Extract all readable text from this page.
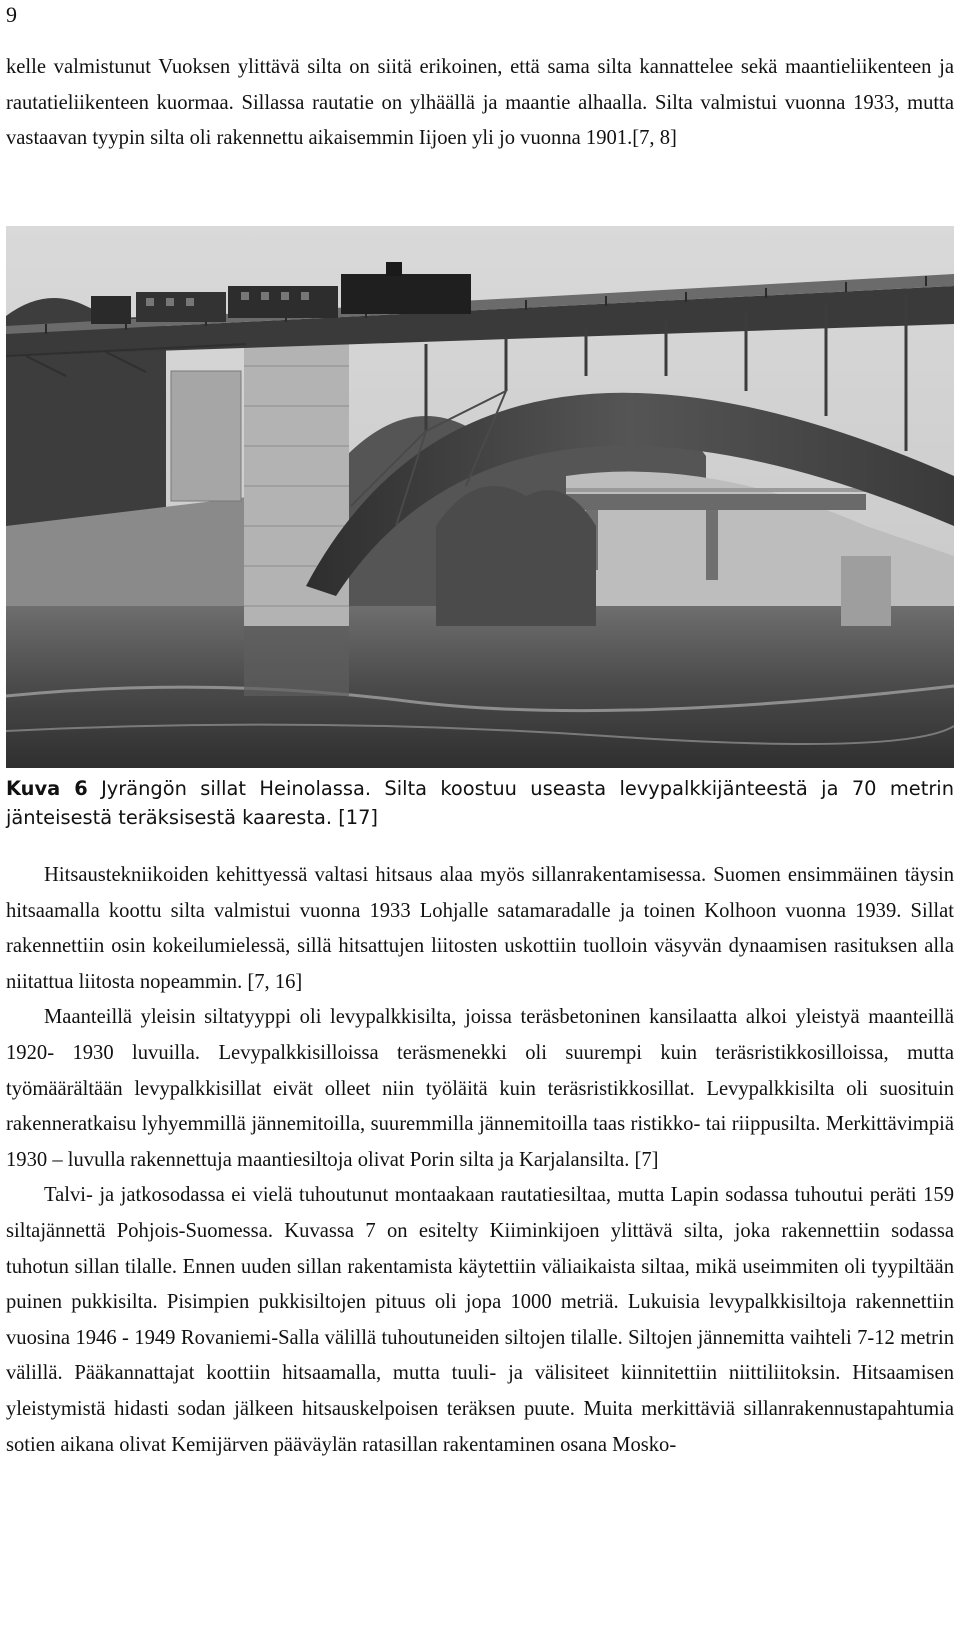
9

kelle valmistunut Vuoksen ylittävä silta on siitä erikoinen, että sama silta kannattelee sekä maantieliikenteen ja rautatieliikenteen kuormaa. Sillassa rautatie on ylhäällä ja maantie alhaalla. Silta valmistui vuonna 1933, mutta vastaavan tyypin silta oli rakennettu aikaisemmin Iijoen yli jo vuonna 1901.[7, 8]

Kuva 6 Jyrängön sillat Heinolassa. Silta koostuu useasta levypalkkijänteestä ja 70 metrin jänteisestä teräksisestä kaaresta. [17]

Hitsaustekniikoiden kehittyessä valtasi hitsaus alaa myös sillanrakentamisessa. Suomen ensimmäinen täysin hitsaamalla koottu silta valmistui vuonna 1933 Lohjalle satamaradalle ja toinen Kolhoon vuonna 1939. Sillat rakennettiin osin kokeilumielessä, sillä hitsattujen liitosten uskottiin tuolloin väsyvän dynaamisen rasituksen alla niitattua liitosta nopeammin. [7, 16]

Maanteillä yleisin siltatyyppi oli levypalkkisilta, joissa teräsbetoninen kansilaatta alkoi yleistyä maanteillä 1920- 1930 luvuilla. Levypalkkisilloissa teräsmenekki oli suurempi kuin teräsristikkosilloissa, mutta työmäärältään levypalkkisillat eivät olleet niin työläitä kuin teräsristikkosillat. Levypalkkisilta oli suosituin rakenneratkaisu lyhyemmillä jännemitoilla, suuremmilla jännemitoilla taas ristikko- tai riippusilta. Merkittävimpiä 1930 – luvulla rakennettuja maantiesiltoja olivat Porin silta ja Karjalansilta. [7]

Talvi- ja jatkosodassa ei vielä tuhoutunut montaakaan rautatiesiltaa, mutta Lapin sodassa tuhoutui peräti 159 siltajännettä Pohjois-Suomessa. Kuvassa 7 on esitelty Kiiminkijoen ylittävä silta, joka rakennettiin sodassa tuhotun sillan tilalle. Ennen uuden sillan rakentamista käytettiin väliaikaista siltaa, mikä useimmiten oli tyypiltään puinen pukkisilta. Pisimpien pukkisiltojen pituus oli jopa 1000 metriä. Lukuisia levypalkkisiltoja rakennettiin vuosina 1946 - 1949 Rovaniemi-Salla välillä tuhoutuneiden siltojen tilalle. Siltojen jännemitta vaihteli 7-12 metrin välillä. Pääkannattajat koottiin hitsaamalla, mutta tuuli- ja välisiteet kiinnitettiin niittiliitoksin. Hitsaamisen yleistymistä hidasti sodan jälkeen hitsauskelpoisen teräksen puute. Muita merkittäviä sillanrakennustapahtumia sotien aikana olivat Kemijärven pääväylän ratasillan rakentaminen osana Mosko-
